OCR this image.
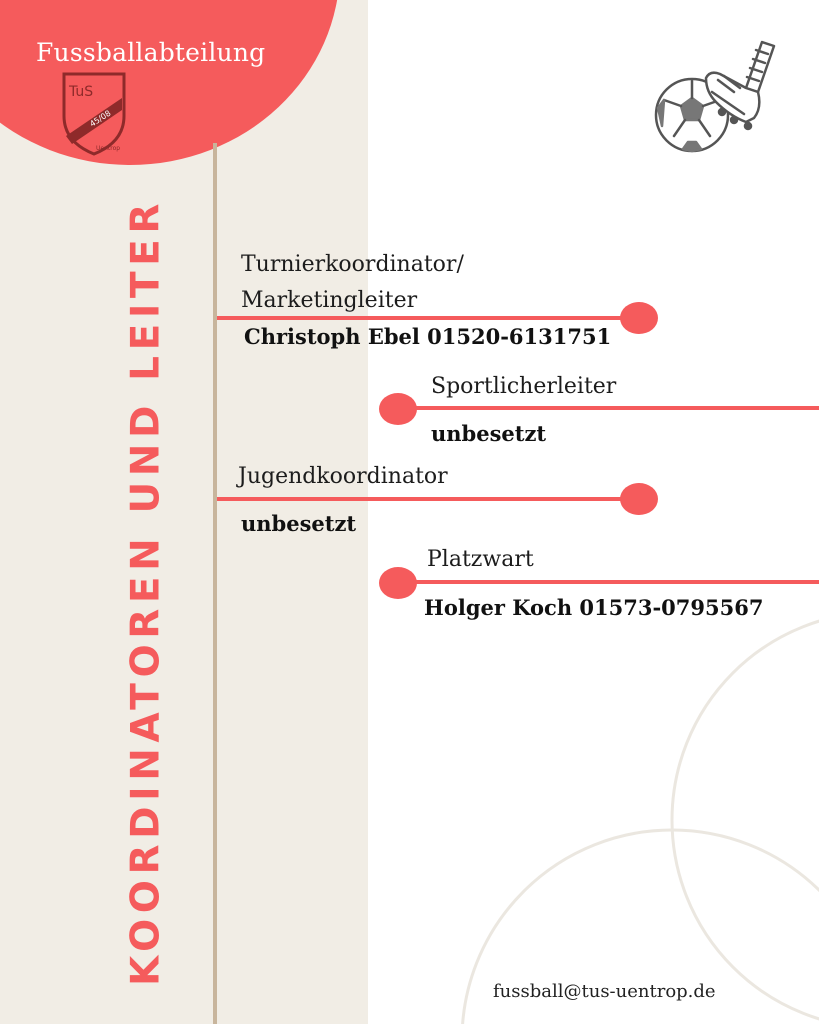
Fussballabteilung
TuS
45/08
Uentrop
KOORDINATOREN UND LEITER	Turnierkoordinator/
Marketingleiter
Christoph Ebel 01520-6131751
Sportlicherleiter
unbesetzt
Jugendkoordinator
unbesetzt
Platzwart
Holger Koch 01573-0795567
fussball@tus-uentrop.de
